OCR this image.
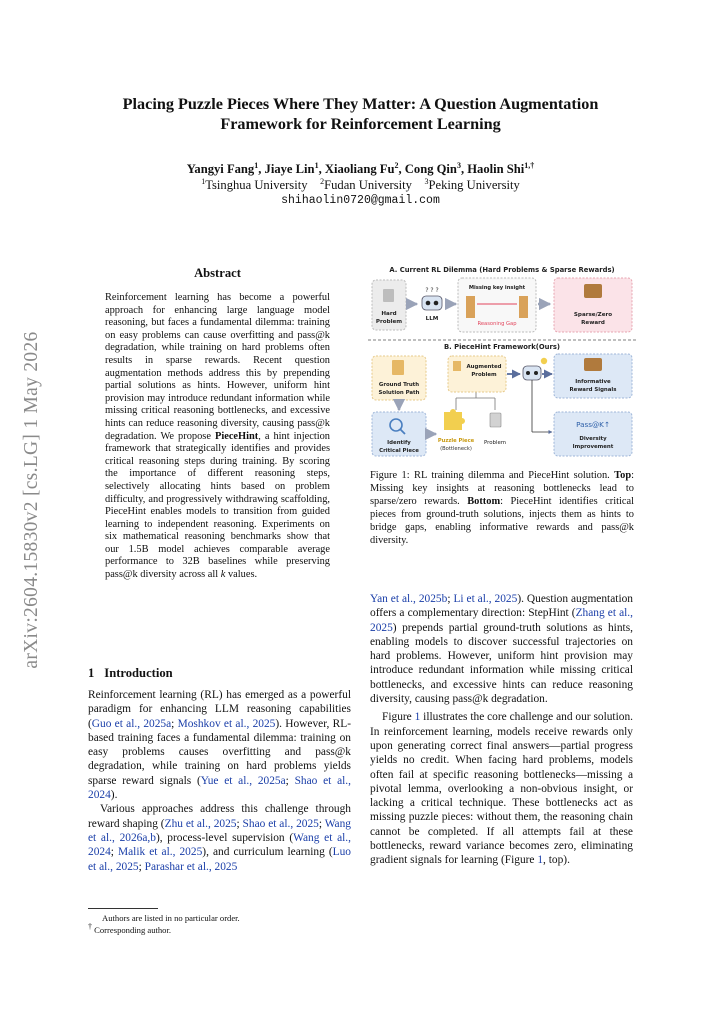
arXiv:2604.15830v2 [cs.LG] 1 May 2026
Placing Puzzle Pieces Where They Matter: A Question Augmentation
Framework for Reinforcement Learning
Yangyi Fang$^1$, Jiaye Lin$^1$, Xiaoliang Fu$^2$, Cong Qin$^3$, Haolin Shi$^{1,\dagger}$
$^1$Tsinghua University $^2$Fudan University $^3$Peking University
shihaolin0720@gmail.com
Abstract
Reinforcement learning has become a powerful approach for enhancing large language model reasoning, but faces a fundamental dilemma: training on easy problems can cause overfitting and pass@k degradation, while training on hard problems often results in sparse rewards. Recent question augmentation methods address this by prepending partial solutions as hints. However, uniform hint provision may introduce redundant information while missing critical reasoning bottlenecks, and excessive hints can reduce reasoning diversity, causing pass@k degradation. We propose PieceHint, a hint injection framework that strategically identifies and provides critical reasoning steps during training. By scoring the importance of different reasoning steps, selectively allocating hints based on problem difficulty, and progressively withdrawing scaffolding, PieceHint enables models to transition from guided learning to independent reasoning. Experiments on six mathematical reasoning benchmarks show that our 1.5B model achieves comparable average performance to 32B baselines while preserving pass@k diversity across all k values.
1 Introduction

Reinforcement learning (RL) has emerged as a powerful paradigm for enhancing LLM reasoning capabilities (Guo et al., 2025a; Moshkov et al., 2025). However, RL-based training faces a fundamental dilemma: training on easy problems causes overfitting and pass@k degradation, while training on hard problems yields sparse reward signals (Yue et al., 2025a; Shao et al., 2024).

Various approaches address this challenge through reward shaping (Zhu et al., 2025; Shao et al., 2025; Wang et al., 2026a,b), process-level supervision (Wang et al., 2024; Malik et al., 2025), and curriculum learning (Luo et al., 2025; Parashar et al., 2025

Authors are listed in no particular order.
† Corresponding author.
A. Current RL Dilemma (Hard Problems & Sparse Rewards)
Hard
Problem
? ? ?
LLM
Missing key insight
Reasoning Gap
Sparse/Zero
Reward
B. PieceHint Framework(Ours)
Ground Truth
Solution Path
Identify
Critical Piece
Puzzle Piece
(Bottleneck)
Problem
Augmented
Problem
Informative
Reward Signals
Pass@K↑
Diversity
Improvement
Figure 1: RL training dilemma and PieceHint solution. Top: Missing key insights at reasoning bottlenecks lead to sparse/zero rewards. Bottom: PieceHint identifies critical pieces from ground-truth solutions, injects them as hints to bridge gaps, enabling informative rewards and pass@k diversity.

Yan et al., 2025b; Li et al., 2025). Question augmentation offers a complementary direction: StepHint (Zhang et al., 2025) prepends partial ground-truth solutions as hints, enabling models to discover successful trajectories on hard problems. However, uniform hint provision may introduce redundant information while missing critical bottlenecks, and excessive hints can reduce reasoning diversity, causing pass@k degradation.

Figure 1 illustrates the core challenge and our solution. In reinforcement learning, models receive rewards only upon generating correct final answers—partial progress yields no credit. When facing hard problems, models often fail at specific reasoning bottlenecks—missing a pivotal lemma, overlooking a non-obvious insight, or lacking a critical technique. These bottlenecks act as missing puzzle pieces: without them, the reasoning chain cannot be completed. If all attempts fail at these bottlenecks, reward variance becomes zero, eliminating gradient signals for learning (Figure 1, top).
